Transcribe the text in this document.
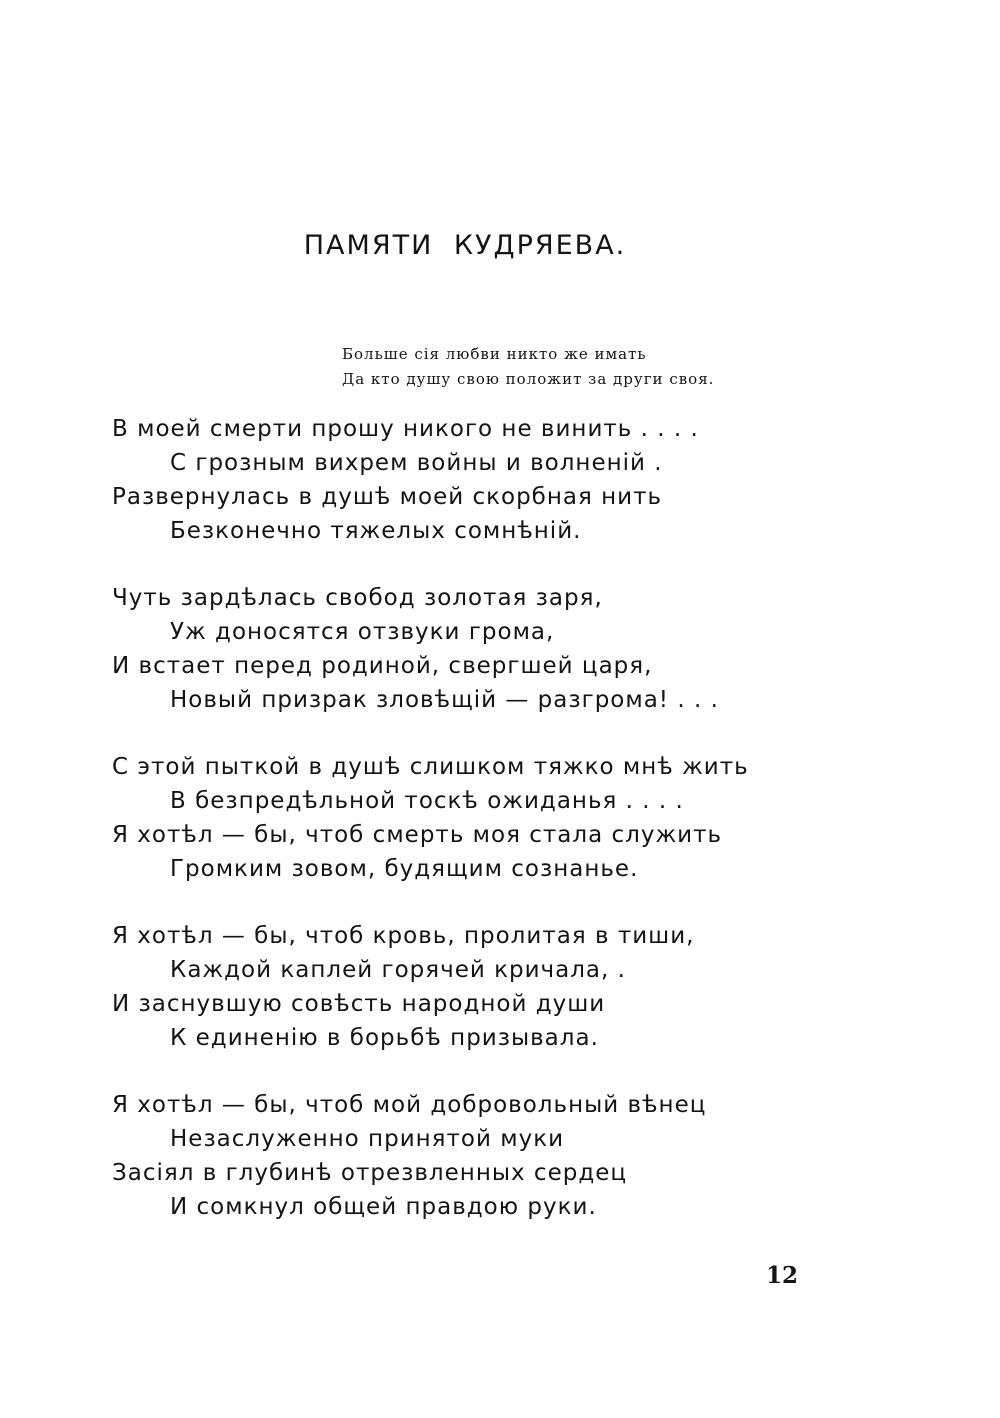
ПАМЯТИ КУДРЯЕВА.
Больше сія любви никто же имать
Да кто душу свою положит за други своя.
В моей смерти прошу никого не винить . . . .
С грозным вихрем войны и волненій .
Развернулась в душѣ моей скорбная нить
Безконечно тяжелых сомнѣній.
Чуть зардѣлась свобод золотая заря,
Уж доносятся отзвуки грома,
И встает перед родиной, свергшей царя,
Новый призрак зловѣщій — разгрома! . . .
С этой пыткой в душѣ слишком тяжко мнѣ жить
В безпредѣльной тоскѣ ожиданья . . . .
Я хотѣл — бы, чтоб смерть моя стала служить
Громким зовом, будящим сознанье.
Я хотѣл — бы, чтоб кровь, пролитая в тиши,
Каждой каплей горячей кричала, .
И заснувшую совѣсть народной души
К единенію в борьбѣ призывала.
Я хотѣл — бы, чтоб мой добровольный вѣнец
Незаслуженно принятой муки
Засіял в глубинѣ отрезвленных сердец
И сомкнул общей правдою руки.
12
